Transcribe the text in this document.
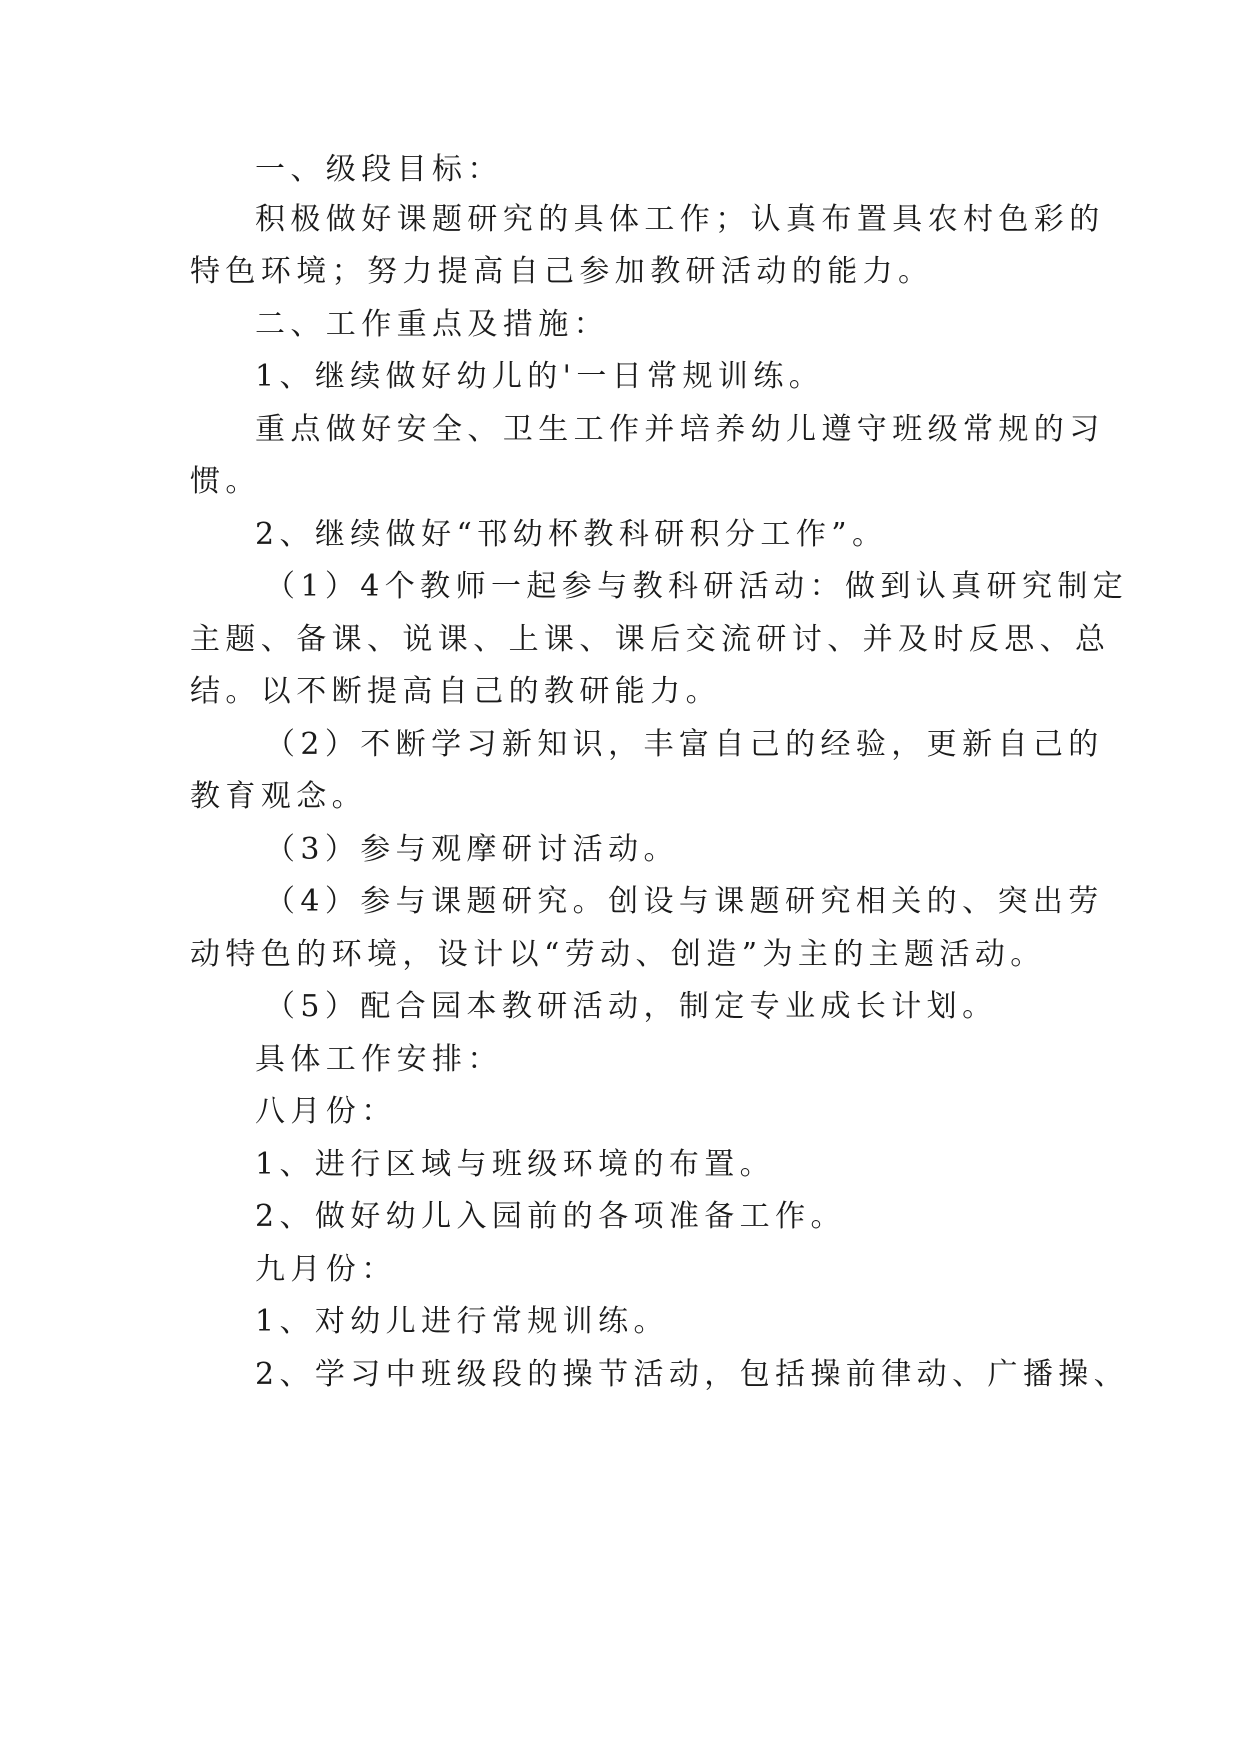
一、级段目标：
积极做好课题研究的具体工作；认真布置具农村色彩的
特色环境；努力提高自己参加教研活动的能力。
二、工作重点及措施：
1、继续做好幼儿的'一日常规训练。
重点做好安全、卫生工作并培养幼儿遵守班级常规的习
惯。
2、继续做好“邗幼杯教科研积分工作”。
（1）4个教师一起参与教科研活动：做到认真研究制定
主题、备课、说课、上课、课后交流研讨、并及时反思、总
结。以不断提高自己的教研能力。
（2）不断学习新知识，丰富自己的经验，更新自己的
教育观念。
（3）参与观摩研讨活动。
（4）参与课题研究。创设与课题研究相关的、突出劳
动特色的环境，设计以“劳动、创造”为主的主题活动。
（5）配合园本教研活动，制定专业成长计划。
具体工作安排：
八月份：
1、进行区域与班级环境的布置。
2、做好幼儿入园前的各项准备工作。
九月份：
1、对幼儿进行常规训练。
2、学习中班级段的操节活动，包括操前律动、广播操、
